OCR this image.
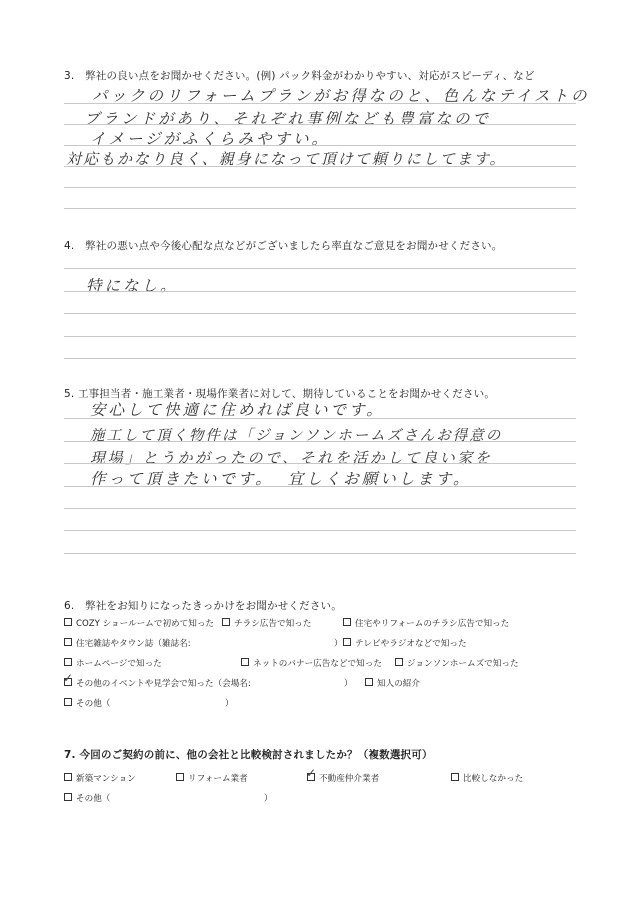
3.　弊社の良い点をお聞かせください。(例) パック料金がわかりやすい、対応がスピーディ、など
パックのリフォームプランがお得なのと、色んなテイストの
ブランドがあり、それぞれ事例なども豊富なので
イメージがふくらみやすい。
対応もかなり良く、親身になって頂けて頼りにしてます。
4.　弊社の悪い点や今後心配な点などがございましたら率直なご意見をお聞かせください。
特になし。
5. 工事担当者・施工業者・現場作業者に対して、期待していることをお聞かせください。
安心して快適に住めれば良いです。
施工して頂く物件は「ジョンソンホームズさんお得意の
現場」とうかがったので、それを活かして良い家を
作って頂きたいです。 宜しくお願いします。
6.　弊社をお知りになったきっかけをお聞かせください。
COZY ショールームで初めて知った	チラシ広告で知った	住宅やリフォームのチラシ広告で知った
住宅雑誌やタウン誌（雑誌名:	）	テレビやラジオなどで知った
ホームページで知った	ネットのバナー広告などで知った	ジョンソンホームズで知った
✓その他のイベントや見学会で知った（会場名:	）	知人の紹介
その他（	）
7. 今回のご契約の前に、他の会社と比較検討されましたか？（複数選択可）
新築マンション	リフォーム業者
✓	不動産仲介業者	比較しなかった
その他（	）
